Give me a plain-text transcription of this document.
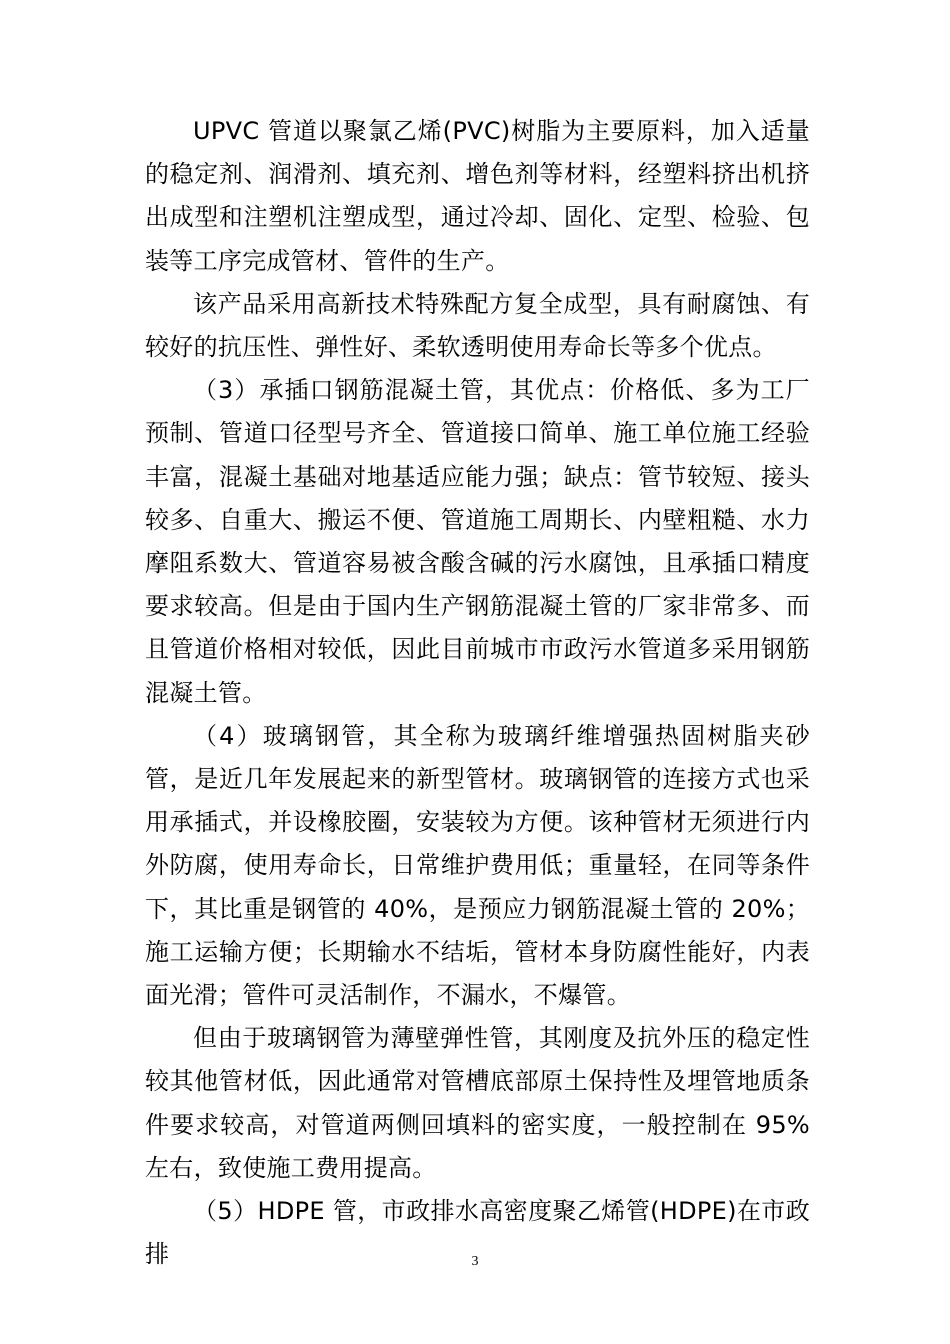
UPVC 管道以聚氯乙烯(PVC)树脂为主要原料，加入适量的稳定剂、润滑剂、填充剂、增色剂等材料，经塑料挤出机挤出成型和注塑机注塑成型，通过冷却、固化、定型、检验、包装等工序完成管材、管件的生产。

该产品采用高新技术特殊配方复全成型，具有耐腐蚀、有较好的抗压性、弹性好、柔软透明使用寿命长等多个优点。

（3）承插口钢筋混凝土管，其优点：价格低、多为工厂预制、管道口径型号齐全、管道接口简单、施工单位施工经验丰富，混凝土基础对地基适应能力强；缺点：管节较短、接头较多、自重大、搬运不便、管道施工周期长、内壁粗糙、水力摩阻系数大、管道容易被含酸含碱的污水腐蚀，且承插口精度要求较高。但是由于国内生产钢筋混凝土管的厂家非常多、而且管道价格相对较低，因此目前城市市政污水管道多采用钢筋混凝土管。

（4）玻璃钢管，其全称为玻璃纤维增强热固树脂夹砂管，是近几年发展起来的新型管材。玻璃钢管的连接方式也采用承插式，并设橡胶圈，安装较为方便。该种管材无须进行内外防腐，使用寿命长，日常维护费用低；重量轻，在同等条件下，其比重是钢管的 40%，是预应力钢筋混凝土管的 20%；施工运输方便；长期输水不结垢，管材本身防腐性能好，内表面光滑；管件可灵活制作，不漏水，不爆管。

但由于玻璃钢管为薄壁弹性管，其刚度及抗外压的稳定性较其他管材低，因此通常对管槽底部原土保持性及埋管地质条件要求较高，对管道两侧回填料的密实度，一般控制在 95%左右，致使施工费用提高。

（5）HDPE 管，市政排水高密度聚乙烯管(HDPE)在市政排	3
